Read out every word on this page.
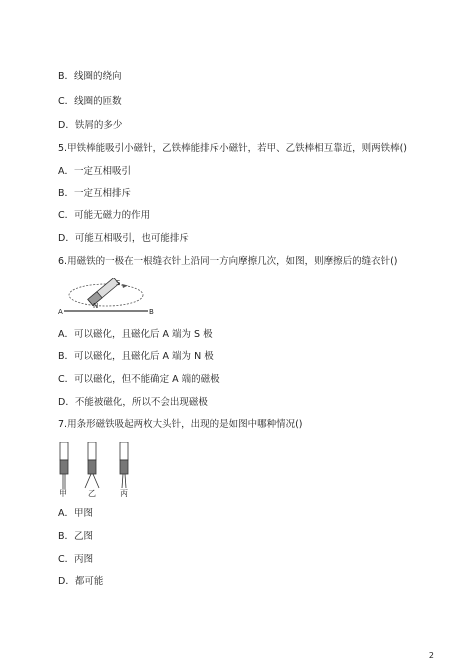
B．线圈的绕向
C．线圈的匝数
D．铁屑的多少
5.甲铁棒能吸引小磁针，乙铁棒能排斥小磁针，若甲、乙铁棒相互靠近，则两铁棒()
A．一定互相吸引
B．一定互相排斥
C．可能无磁力的作用
D．可能互相吸引，也可能排斥
6.用磁铁的一极在一根缝衣针上沿同一方向摩擦几次，如图，则摩擦后的缝衣针()
S
N
A	B
A．可以磁化，且磁化后 A 端为 S 极
B．可以磁化，且磁化后 A 端为 N 极
C．可以磁化，但不能确定 A 端的磁极
D．不能被磁化，所以不会出现磁极
7.用条形磁铁吸起两枚大头针，出现的是如图中哪种情况()
甲	乙	丙
A．甲图
B．乙图
C．丙图
D．都可能
2
